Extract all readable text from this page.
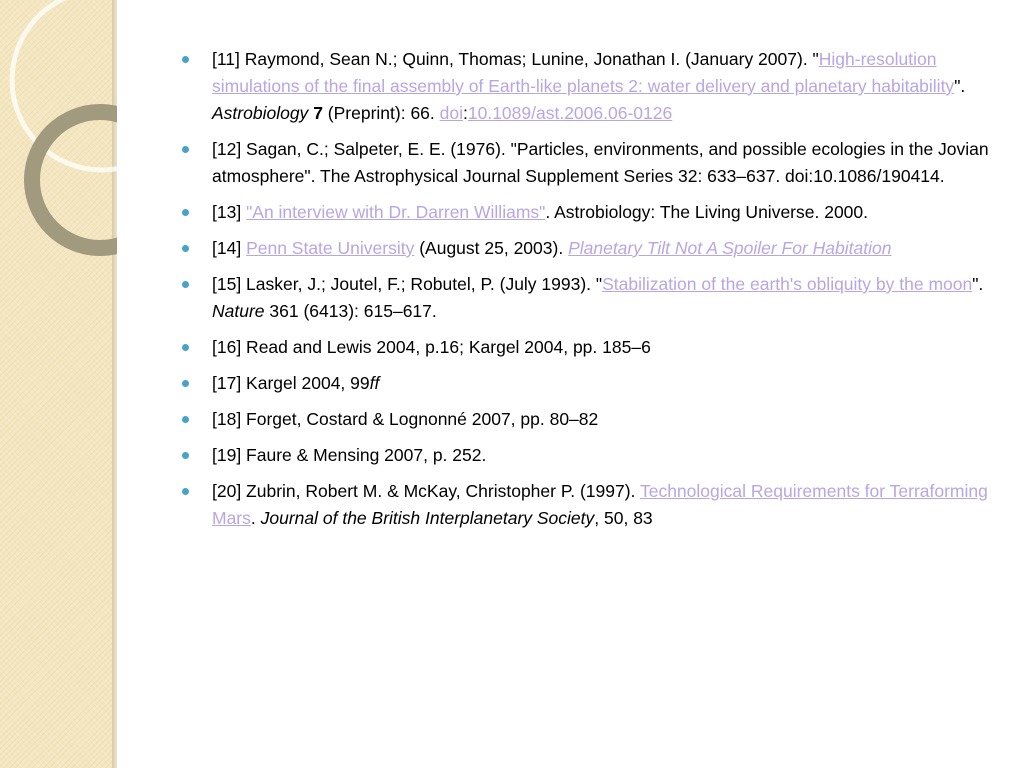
[11] Raymond, Sean N.; Quinn, Thomas; Lunine, Jonathan I. (January 2007). "High-resolution simulations of the final assembly of Earth-like planets 2: water delivery and planetary habitability". Astrobiology 7 (Preprint): 66. doi:10.1089/ast.2006.06-0126
[12] Sagan, C.; Salpeter, E. E. (1976). "Particles, environments, and possible ecologies in the Jovian atmosphere". The Astrophysical Journal Supplement Series 32: 633–637. doi:10.1086/190414.
[13] "An interview with Dr. Darren Williams". Astrobiology: The Living Universe. 2000.
[14] Penn State University (August 25, 2003). Planetary Tilt Not A Spoiler For Habitation
[15] Lasker, J.; Joutel, F.; Robutel, P. (July 1993). "Stabilization of the earth's obliquity by the moon". Nature 361 (6413): 615–617.
[16] Read and Lewis 2004, p.16; Kargel 2004, pp. 185–6
[17] Kargel 2004, 99ff
[18] Forget, Costard & Lognonné 2007, pp. 80–82
[19] Faure & Mensing 2007, p. 252.
[20] Zubrin, Robert M. & McKay, Christopher P. (1997). Technological Requirements for Terraforming Mars. Journal of the British Interplanetary Society, 50, 83
